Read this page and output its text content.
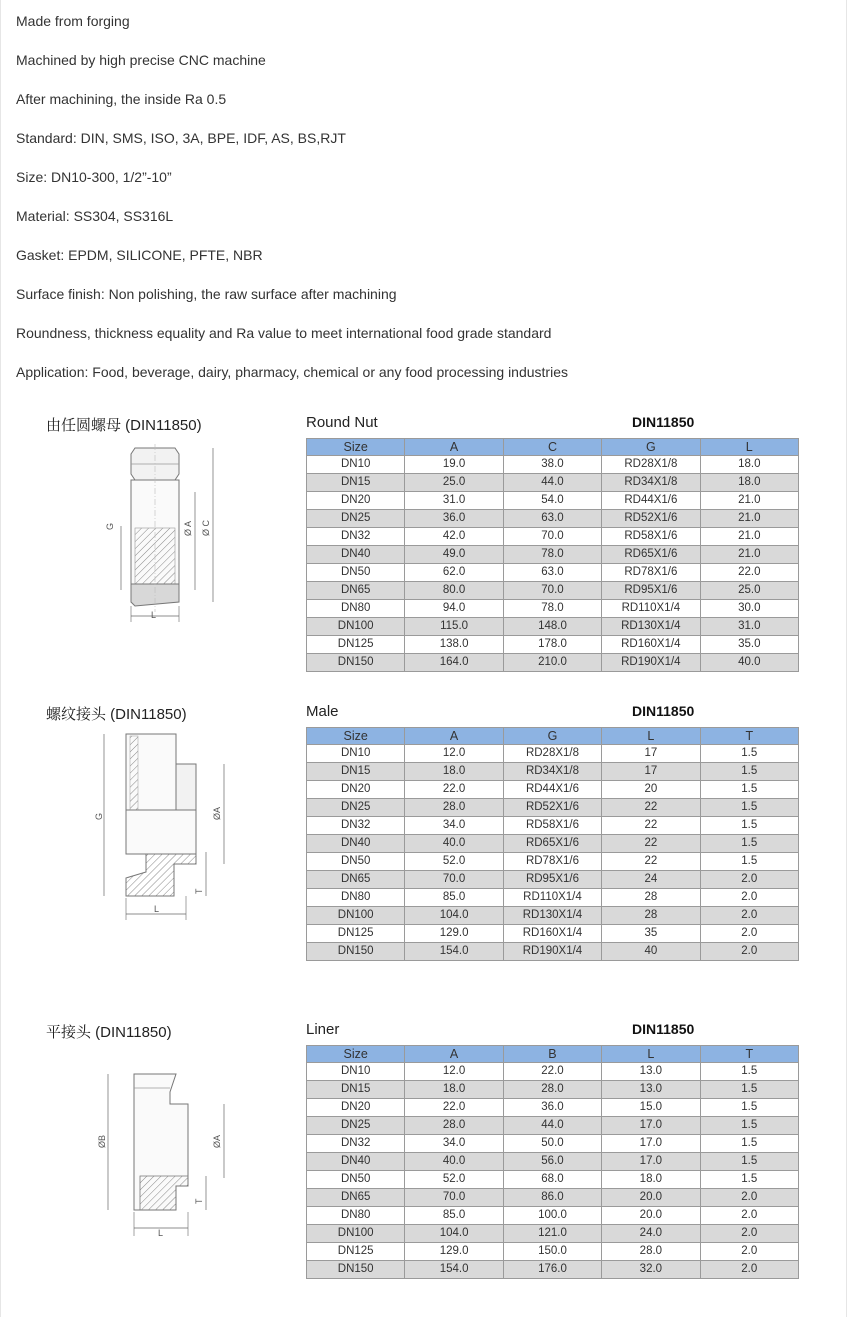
Made from forging
Machined by high precise CNC machine
After machining, the inside Ra 0.5
Standard: DIN, SMS, ISO, 3A, BPE, IDF, AS, BS,RJT
Size: DN10-300, 1/2”-10”
Material: SS304, SS316L
Gasket: EPDM, SILICONE, PFTE, NBR
Surface finish: Non polishing, the raw surface after machining
Roundness, thickness equality and Ra value to meet international food grade standard
Application: Food, beverage, dairy, pharmacy, chemical or any food processing industries
由任圆螺母 (DIN11850)	Round Nut	DIN11850
G	Ø A Ø C
L
Size	A	C	G	L
DN10	19.0	38.0	RD28X1/8	18.0
DN15	25.0	44.0	RD34X1/8	18.0
DN20	31.0	54.0	RD44X1/6	21.0
DN25	36.0	63.0	RD52X1/6	21.0
DN32	42.0	70.0	RD58X1/6	21.0
DN40	49.0	78.0	RD65X1/6	21.0
DN50	62.0	63.0	RD78X1/6	22.0
DN65	80.0	70.0	RD95X1/6	25.0
DN80	94.0	78.0	RD110X1/4	30.0
DN100	115.0	148.0	RD130X1/4	31.0
DN125	138.0	178.0	RD160X1/4	35.0
DN150	164.0	210.0	RD190X1/4	40.0
螺纹接头 (DIN11850)	Male	DIN11850
G	ØA
T
L
Size	A	G	L	T
DN10	12.0	RD28X1/8	17	1.5
DN15	18.0	RD34X1/8	17	1.5
DN20	22.0	RD44X1/6	20	1.5
DN25	28.0	RD52X1/6	22	1.5
DN32	34.0	RD58X1/6	22	1.5
DN40	40.0	RD65X1/6	22	1.5
DN50	52.0	RD78X1/6	22	1.5
DN65	70.0	RD95X1/6	24	2.0
DN80	85.0	RD110X1/4	28	2.0
DN100	104.0	RD130X1/4	28	2.0
DN125	129.0	RD160X1/4	35	2.0
DN150	154.0	RD190X1/4	40	2.0
平接头 (DIN11850)	Liner	DIN11850
ØB	ØA
T
L
Size	A	B	L	T
DN10	12.0	22.0	13.0	1.5
DN15	18.0	28.0	13.0	1.5
DN20	22.0	36.0	15.0	1.5
DN25	28.0	44.0	17.0	1.5
DN32	34.0	50.0	17.0	1.5
DN40	40.0	56.0	17.0	1.5
DN50	52.0	68.0	18.0	1.5
DN65	70.0	86.0	20.0	2.0
DN80	85.0	100.0	20.0	2.0
DN100	104.0	121.0	24.0	2.0
DN125	129.0	150.0	28.0	2.0
DN150	154.0	176.0	32.0	2.0
